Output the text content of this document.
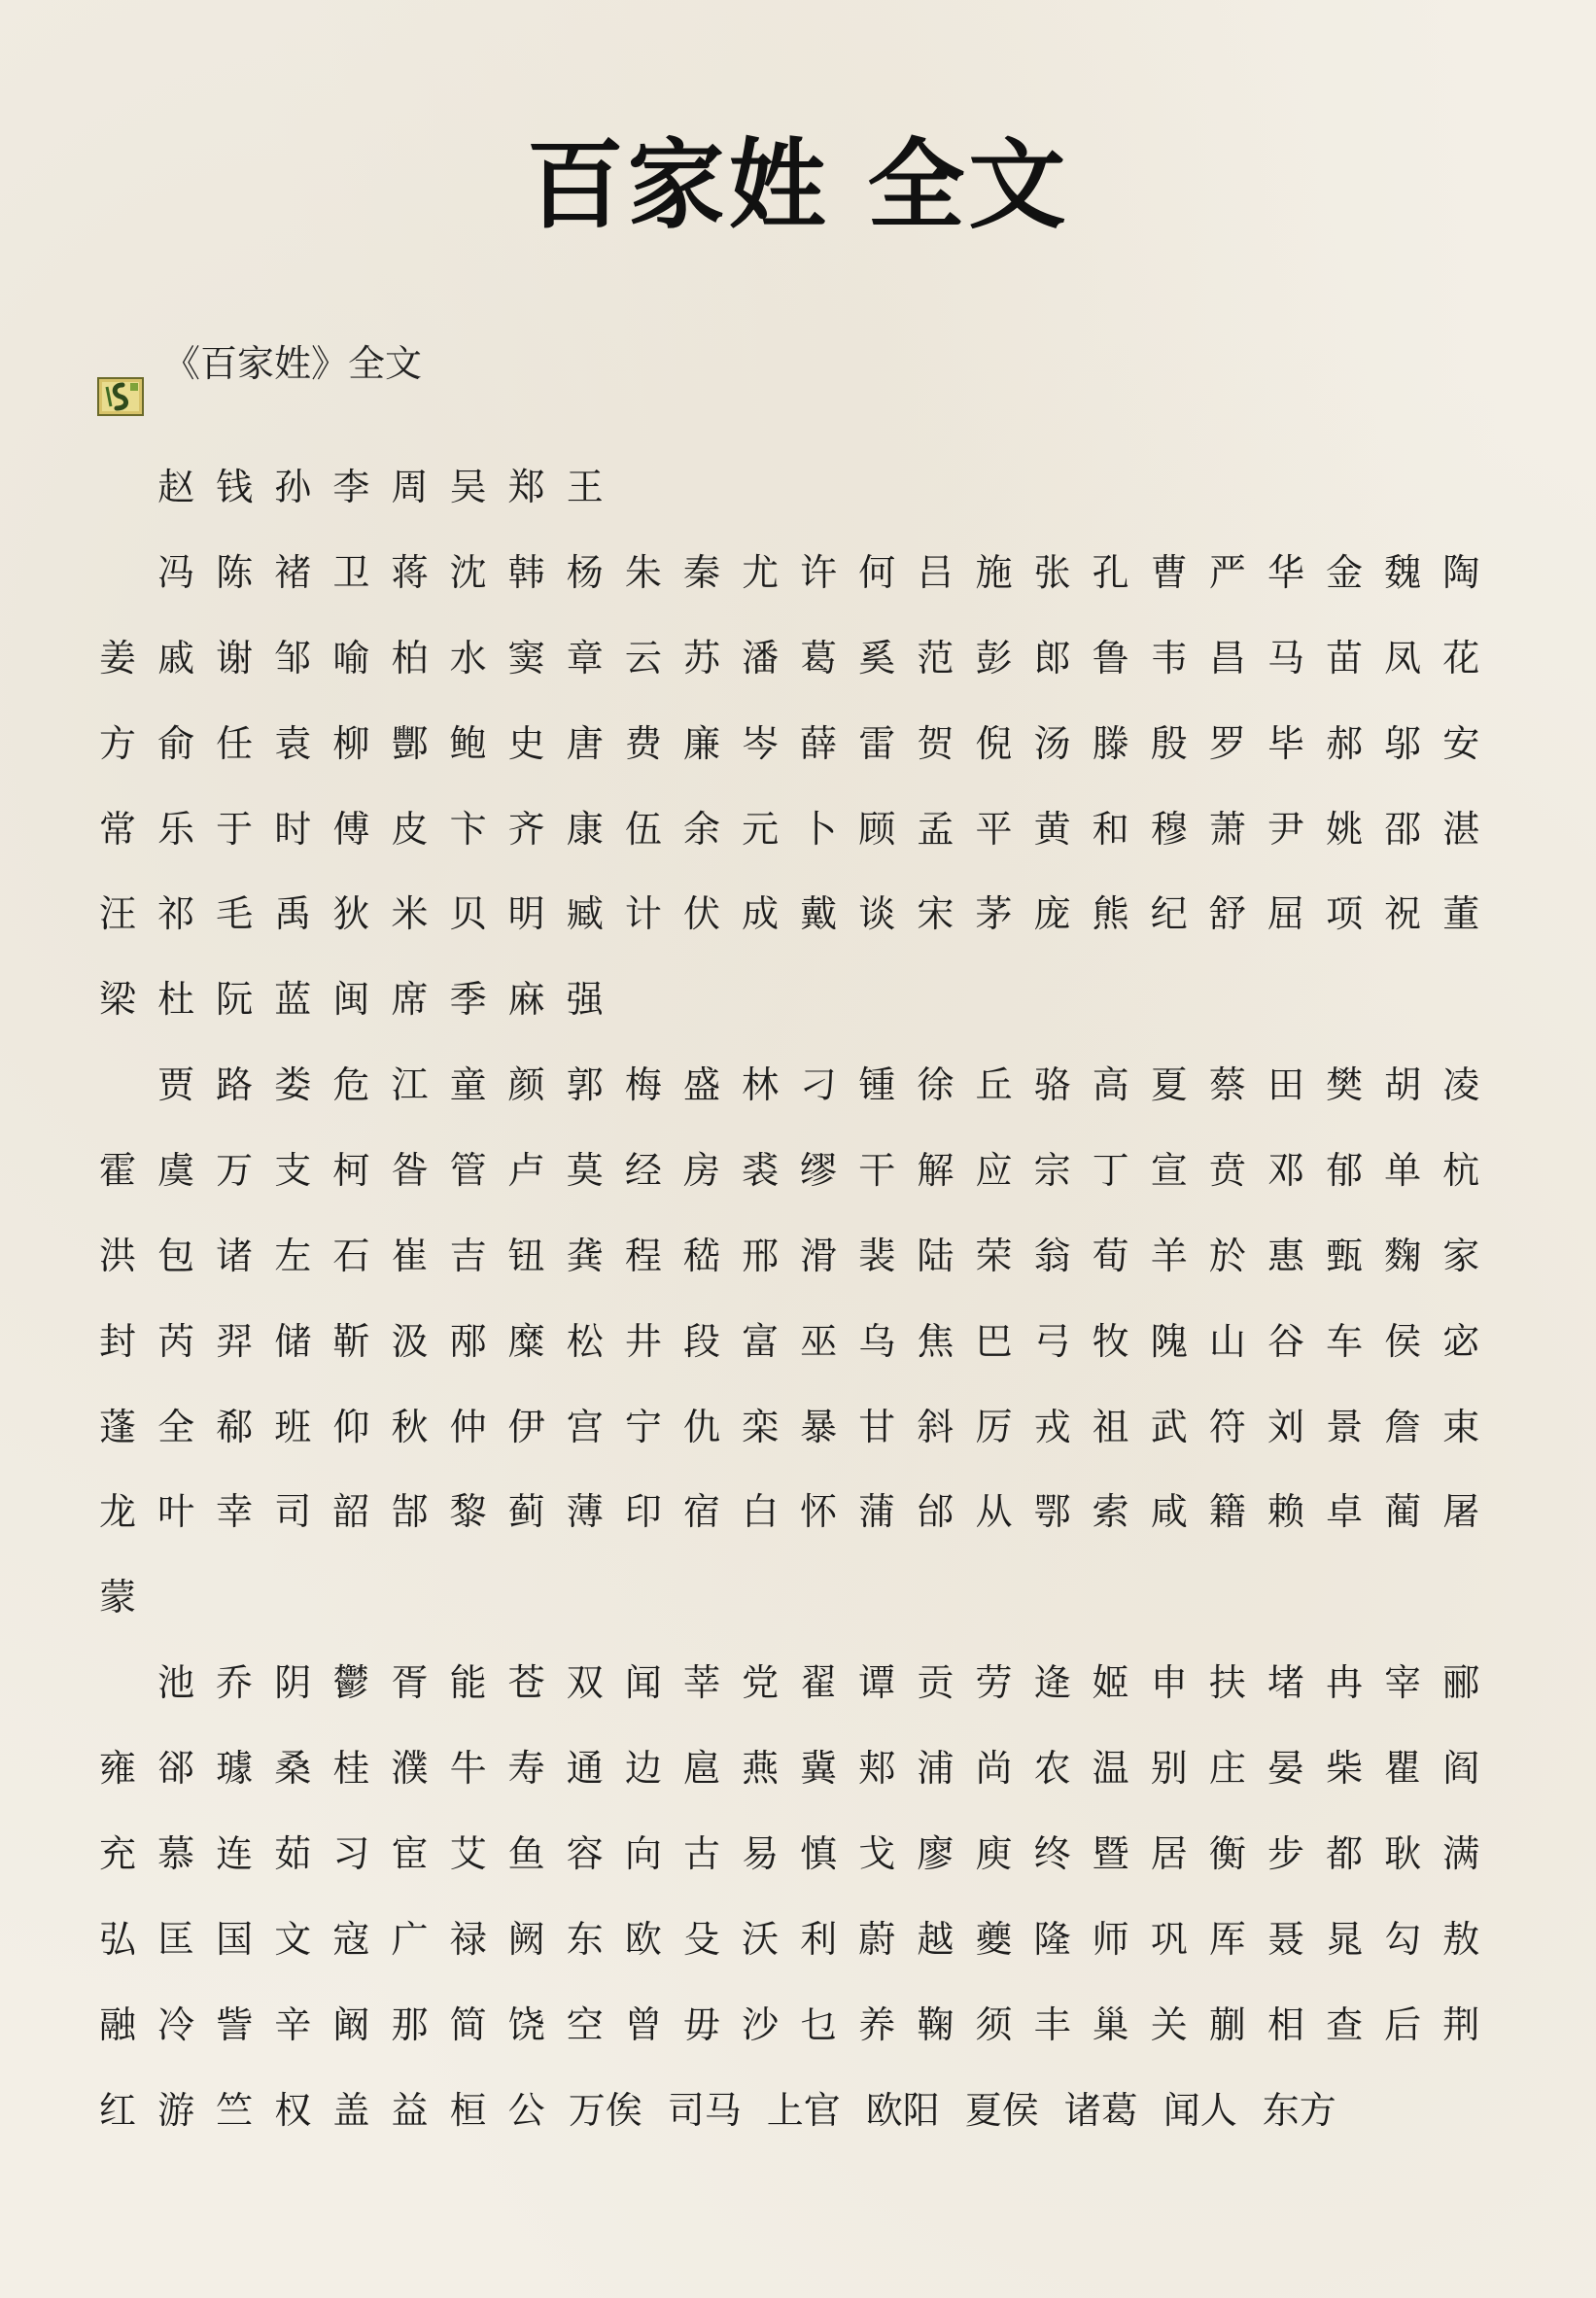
百家姓 全文
《百家姓》全文
赵 钱 孙 李 周 吴 郑 王
冯 陈 褚 卫 蒋 沈 韩 杨 朱 秦 尤 许 何 吕 施 张 孔 曹 严 华 金 魏 陶
姜 戚 谢 邹 喻 柏 水 窦 章 云 苏 潘 葛 奚 范 彭 郎 鲁 韦 昌 马 苗 凤 花
方 俞 任 袁 柳 酆 鲍 史 唐 费 廉 岑 薛 雷 贺 倪 汤 滕 殷 罗 毕 郝 邬 安
常 乐 于 时 傅 皮 卞 齐 康 伍 余 元 卜 顾 孟 平 黄 和 穆 萧 尹 姚 邵 湛
汪 祁 毛 禹 狄 米 贝 明 臧 计 伏 成 戴 谈 宋 茅 庞 熊 纪 舒 屈 项 祝 董
梁 杜 阮 蓝 闽 席 季 麻 强
贾 路 娄 危 江 童 颜 郭 梅 盛 林 刁 锺 徐 丘 骆 高 夏 蔡 田 樊 胡 凌
霍 虞 万 支 柯 昝 管 卢 莫 经 房 裘 缪 干 解 应 宗 丁 宣 贲 邓 郁 单 杭
洪 包 诸 左 石 崔 吉 钮 龚 程 嵇 邢 滑 裴 陆 荣 翁 荀 羊 於 惠 甄 麴 家
封 芮 羿 储 靳 汲 邴 糜 松 井 段 富 巫 乌 焦 巴 弓 牧 隗 山 谷 车 侯 宓
蓬 全 郗 班 仰 秋 仲 伊 宫 宁 仇 栾 暴 甘 斜 厉 戎 祖 武 符 刘 景 詹 束
龙 叶 幸 司 韶 郜 黎 蓟 薄 印 宿 白 怀 蒲 邰 从 鄂 索 咸 籍 赖 卓 蔺 屠
蒙
池 乔 阴 鬱 胥 能 苍 双 闻 莘 党 翟 谭 贡 劳 逄 姬 申 扶 堵 冉 宰 郦
雍 郤 璩 桑 桂 濮 牛 寿 通 边 扈 燕 冀 郏 浦 尚 农 温 别 庄 晏 柴 瞿 阎
充 慕 连 茹 习 宦 艾 鱼 容 向 古 易 慎 戈 廖 庾 终 暨 居 衡 步 都 耿 满
弘 匡 国 文 寇 广 禄 阙 东 欧 殳 沃 利 蔚 越 夔 隆 师 巩 厍 聂 晁 勾 敖
融 冷 訾 辛 阚 那 简 饶 空 曾 毋 沙 乜 养 鞠 须 丰 巢 关 蒯 相 查 后 荆
红 游 竺 权 盖 益 桓 公 万俟 司马 上官 欧阳 夏侯 诸葛 闻人 东方
